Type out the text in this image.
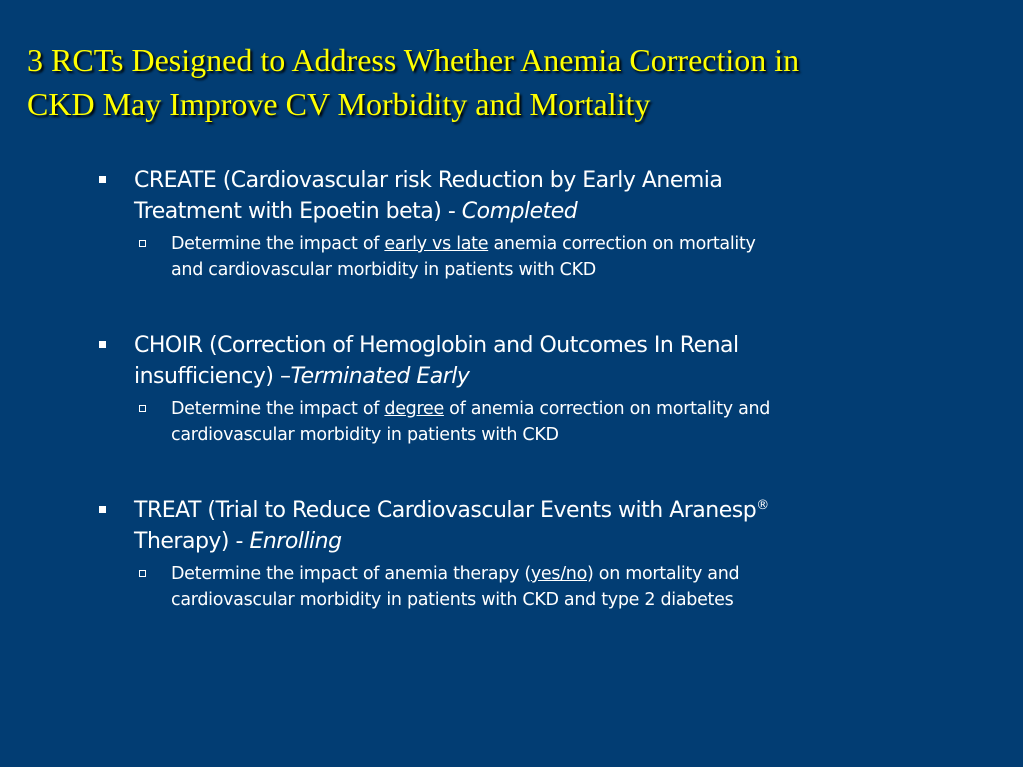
3 RCTs Designed to Address Whether Anemia Correction in
CKD May Improve CV Morbidity and Mortality
CREATE (Cardiovascular risk Reduction by Early Anemia
Treatment with Epoetin beta) - Completed
Determine the impact of early vs late anemia correction on mortality
and cardiovascular morbidity in patients with CKD
CHOIR (Correction of Hemoglobin and Outcomes In Renal
insufficiency) –Terminated Early
Determine the impact of degree of anemia correction on mortality and
cardiovascular morbidity in patients with CKD
TREAT (Trial to Reduce Cardiovascular Events with Aranesp®
Therapy) - Enrolling
Determine the impact of anemia therapy (yes/no) on mortality and
cardiovascular morbidity in patients with CKD and type 2 diabetes
